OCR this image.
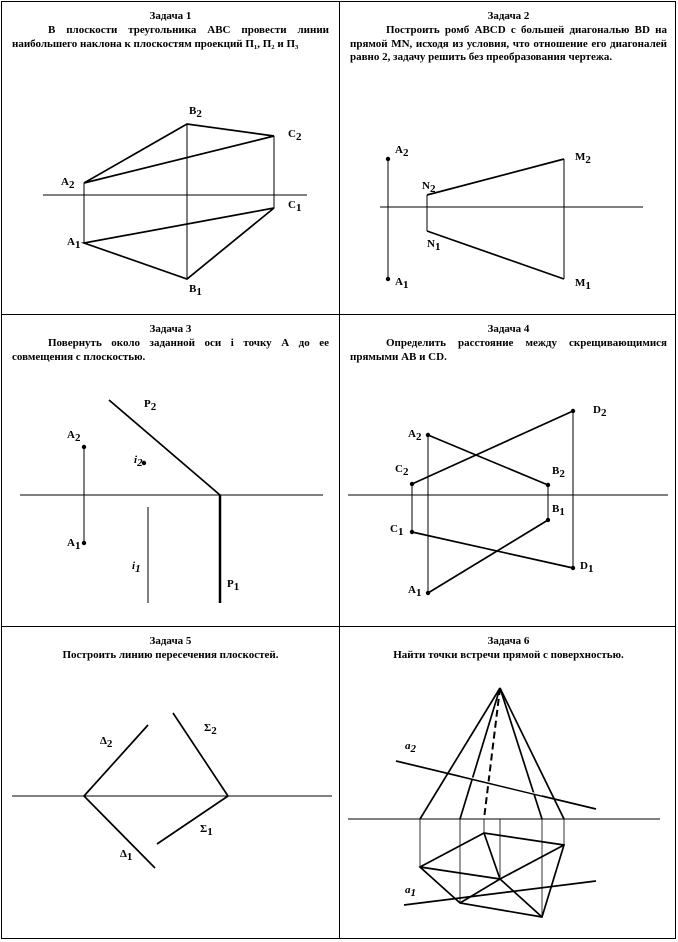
Задача 1
В плоскости треугольника АВС провести линии наибольшего наклона к плоскостям проекций П₁, П₂ и П₃
A2
B2
C2
A1
B1
C1
Задача 2
Построить ромб ABCD с большей диагональю BD на прямой MN, исходя из условия, что отношение его диагоналей равно 2, задачу решить без преобразования чертежа.
A2
A1
N2
N1
M2
M1
Задача 3
Повернуть около заданной оси i точку А до ее совмещения с плоскостью.
A2
A1
i2
i1
P2
P1
Задача 4
Определить расстояние между скрещивающимися прямыми AB и CD.
A2
B2
C2
D2
A1
B1
C1
D1
Задача 5
Построить линию пересечения плоскостей.
Δ2
Δ1
Σ2
Σ1
Задача 6
Найти точки встречи прямой с поверхностью.
a2
a1
